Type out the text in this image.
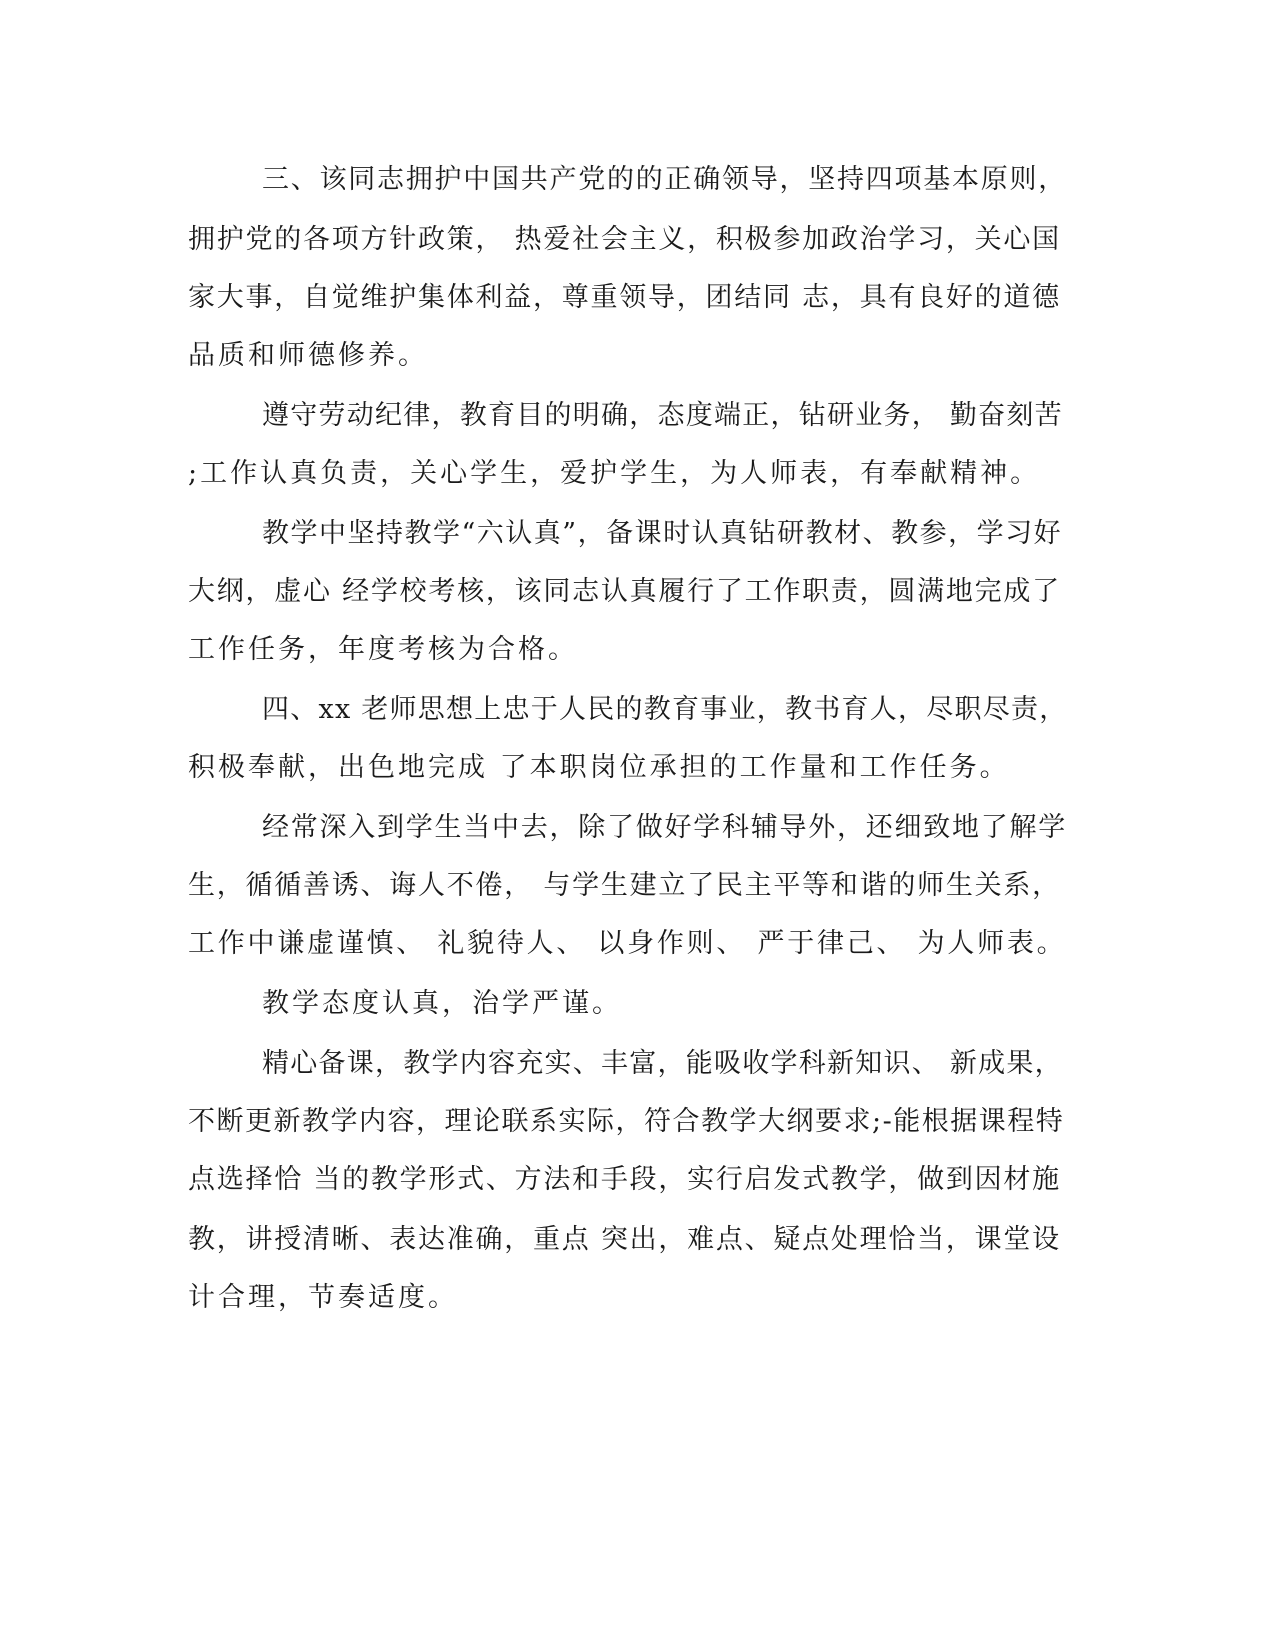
三、该同志拥护中国共产党的的正确领导，坚持四项基本原则，
拥护党的各项方针政策， 热爱社会主义，积极参加政治学习，关心国
家大事，自觉维护集体利益，尊重领导，团结同 志，具有良好的道德
品质和师德修养。
遵守劳动纪律，教育目的明确，态度端正，钻研业务， 勤奋刻苦
;工作认真负责，关心学生，爱护学生，为人师表，有奉献精神。
教学中坚持教学“六认真”，备课时认真钻研教材、教参，学习好
大纲，虚心 经学校考核，该同志认真履行了工作职责，圆满地完成了
工作任务，年度考核为合格。
四、xx 老师思想上忠于人民的教育事业，教书育人，尽职尽责，
积极奉献，出色地完成 了本职岗位承担的工作量和工作任务。
经常深入到学生当中去，除了做好学科辅导外，还细致地了解学
生，循循善诱、诲人不倦， 与学生建立了民主平等和谐的师生关系，
工作中谦虚谨慎、 礼貌待人、 以身作则、 严于律己、 为人师表。
教学态度认真，治学严谨。
精心备课，教学内容充实、丰富，能吸收学科新知识、 新成果，
不断更新教学内容，理论联系实际，符合教学大纲要求;-能根据课程特
点选择恰 当的教学形式、方法和手段，实行启发式教学，做到因材施
教，讲授清晰、表达准确，重点 突出，难点、疑点处理恰当，课堂设
计合理，节奏适度。
